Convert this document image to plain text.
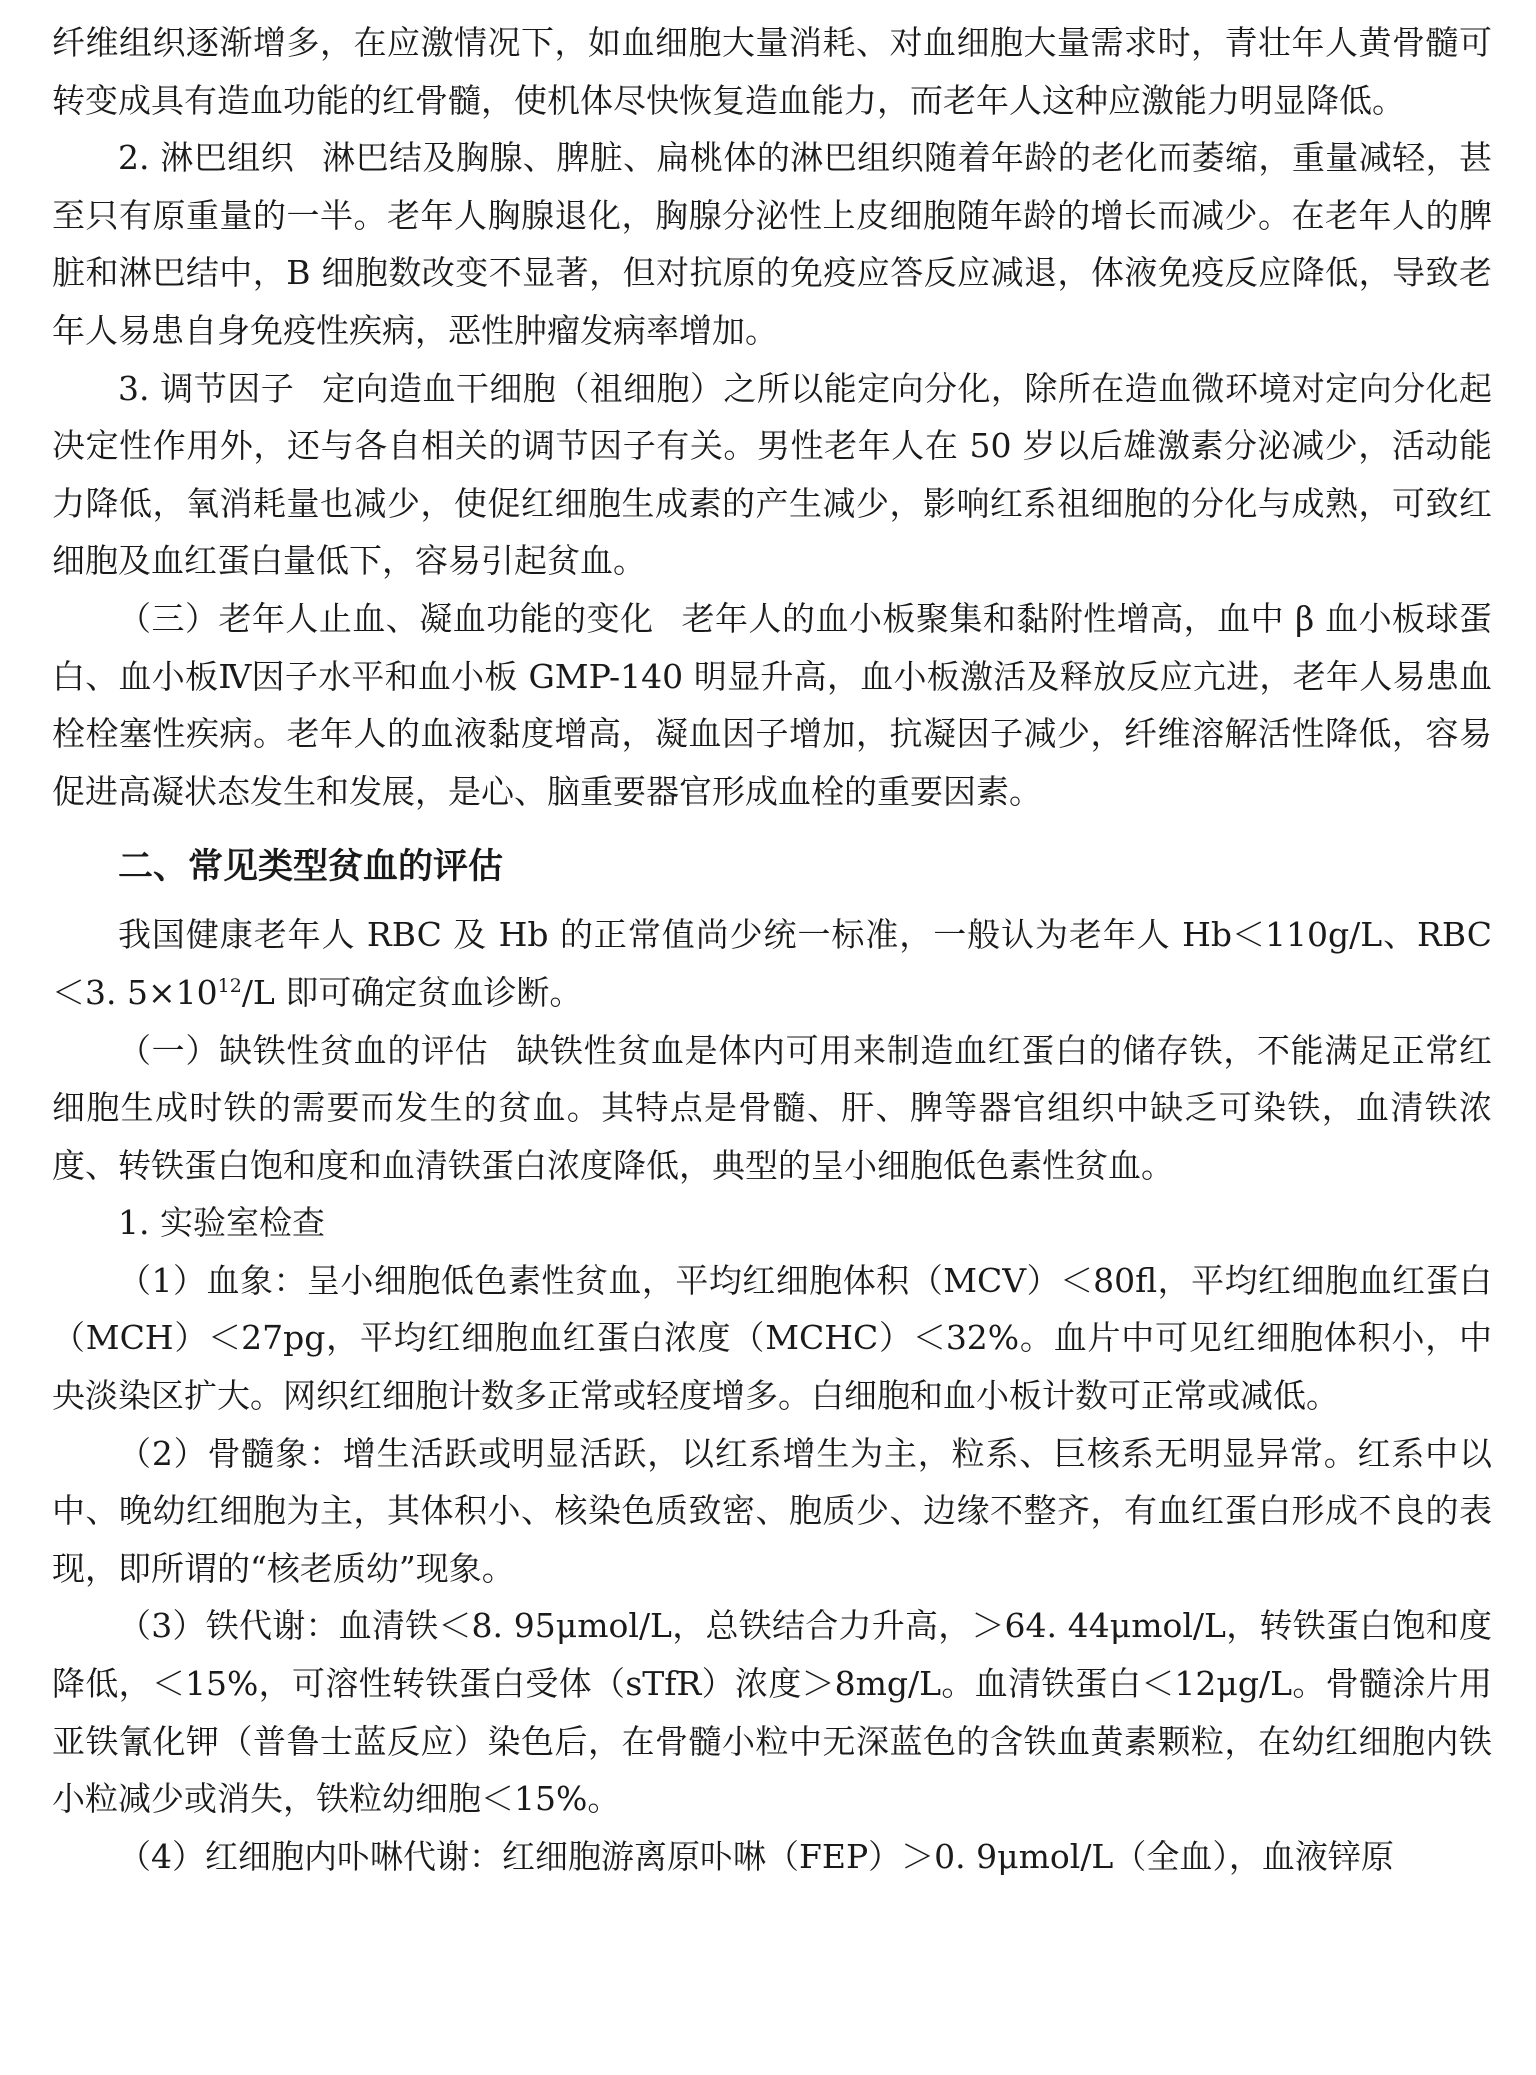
纤维组织逐渐增多，在应激情况下，如血细胞大量消耗、对血细胞大量需求时，青壮年人黄骨髓可转变成具有造血功能的红骨髓，使机体尽快恢复造血能力，而老年人这种应激能力明显降低。

2. 淋巴组织 淋巴结及胸腺、脾脏、扁桃体的淋巴组织随着年龄的老化而萎缩，重量减轻，甚至只有原重量的一半。老年人胸腺退化，胸腺分泌性上皮细胞随年龄的增长而减少。在老年人的脾脏和淋巴结中，B 细胞数改变不显著，但对抗原的免疫应答反应减退，体液免疫反应降低，导致老年人易患自身免疫性疾病，恶性肿瘤发病率增加。

3. 调节因子 定向造血干细胞（祖细胞）之所以能定向分化，除所在造血微环境对定向分化起决定性作用外，还与各自相关的调节因子有关。男性老年人在 50 岁以后雄激素分泌减少，活动能力降低，氧消耗量也减少，使促红细胞生成素的产生减少，影响红系祖细胞的分化与成熟，可致红细胞及血红蛋白量低下，容易引起贫血。

（三）老年人止血、凝血功能的变化 老年人的血小板聚集和黏附性增高，血中 β 血小板球蛋白、血小板Ⅳ因子水平和血小板 GMP-140 明显升高，血小板激活及释放反应亢进，老年人易患血栓栓塞性疾病。老年人的血液黏度增高，凝血因子增加，抗凝因子减少，纤维溶解活性降低，容易促进高凝状态发生和发展，是心、脑重要器官形成血栓的重要因素。

二、常见类型贫血的评估

我国健康老年人 RBC 及 Hb 的正常值尚少统一标准，一般认为老年人 Hb＜110g/L、RBC＜3. $5\times 10^{12}/L$ 即可确定贫血诊断。

（一）缺铁性贫血的评估 缺铁性贫血是体内可用来制造血红蛋白的储存铁，不能满足正常红细胞生成时铁的需要而发生的贫血。其特点是骨髓、肝、脾等器官组织中缺乏可染铁，血清铁浓度、转铁蛋白饱和度和血清铁蛋白浓度降低，典型的呈小细胞低色素性贫血。

1. 实验室检查

（1）血象：呈小细胞低色素性贫血，平均红细胞体积（MCV）＜80fl，平均红细胞血红蛋白（MCH）＜27pg，平均红细胞血红蛋白浓度（MCHC）＜32%。血片中可见红细胞体积小，中央淡染区扩大。网织红细胞计数多正常或轻度增多。白细胞和血小板计数可正常或减低。

（2）骨髓象：增生活跃或明显活跃，以红系增生为主，粒系、巨核系无明显异常。红系中以中、晚幼红细胞为主，其体积小、核染色质致密、胞质少、边缘不整齐，有血红蛋白形成不良的表现，即所谓的“核老质幼”现象。

（3）铁代谢：血清铁＜8. 95μmol/L，总铁结合力升高，＞64. 44μmol/L，转铁蛋白饱和度降低，＜15%，可溶性转铁蛋白受体（sTfR）浓度＞8mg/L。血清铁蛋白＜12μg/L。骨髓涂片用亚铁氰化钾（普鲁士蓝反应）染色后，在骨髓小粒中无深蓝色的含铁血黄素颗粒，在幼红细胞内铁小粒减少或消失，铁粒幼细胞＜15%。

（4）红细胞内卟啉代谢：红细胞游离原卟啉（FEP）＞0. 9μmol/L（全血），血液锌原
